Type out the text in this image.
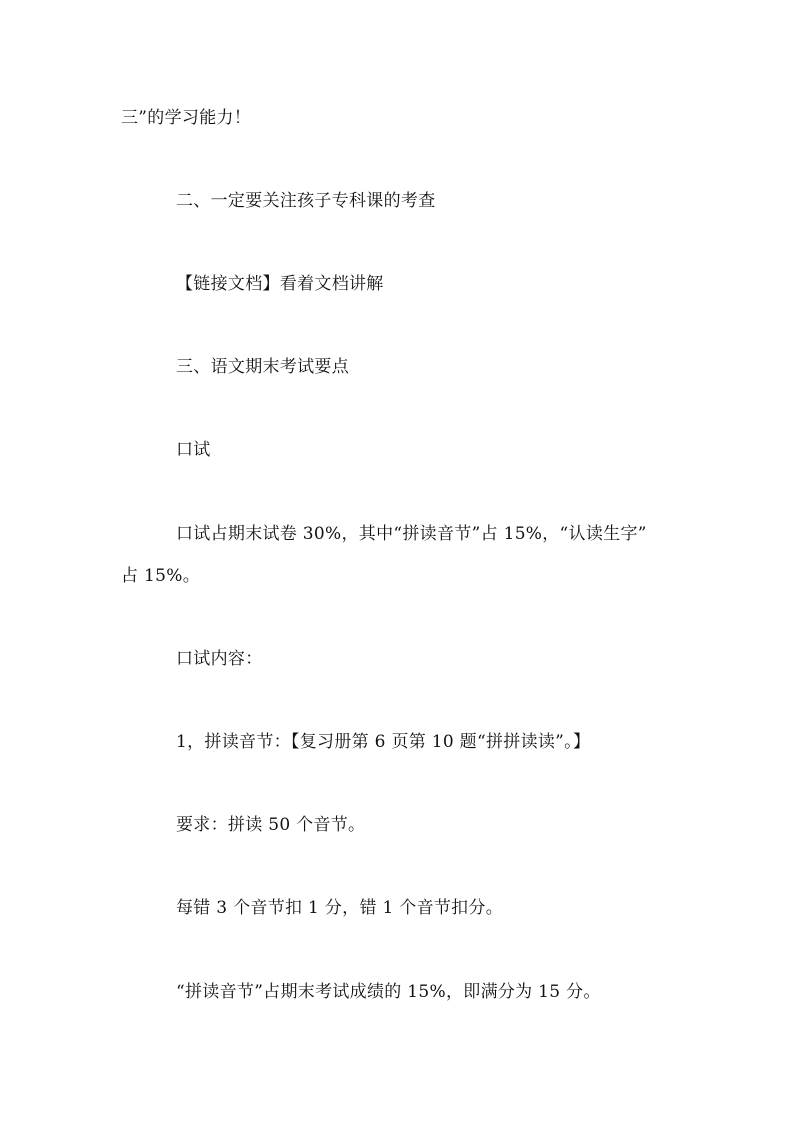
三”的学习能力！
二、一定要关注孩子专科课的考查
【链接文档】看着文档讲解
三、语文期末考试要点
口试
口试占期末试卷 30%，其中“拼读音节”占 15%，“认读生字”
占 15%。
口试内容：
1，拼读音节：【复习册第 6 页第 10 题“拼拼读读”。】
要求：拼读 50 个音节。
每错 3 个音节扣 1 分，错 1 个音节扣分。
“拼读音节”占期末考试成绩的 15%，即满分为 15 分。
